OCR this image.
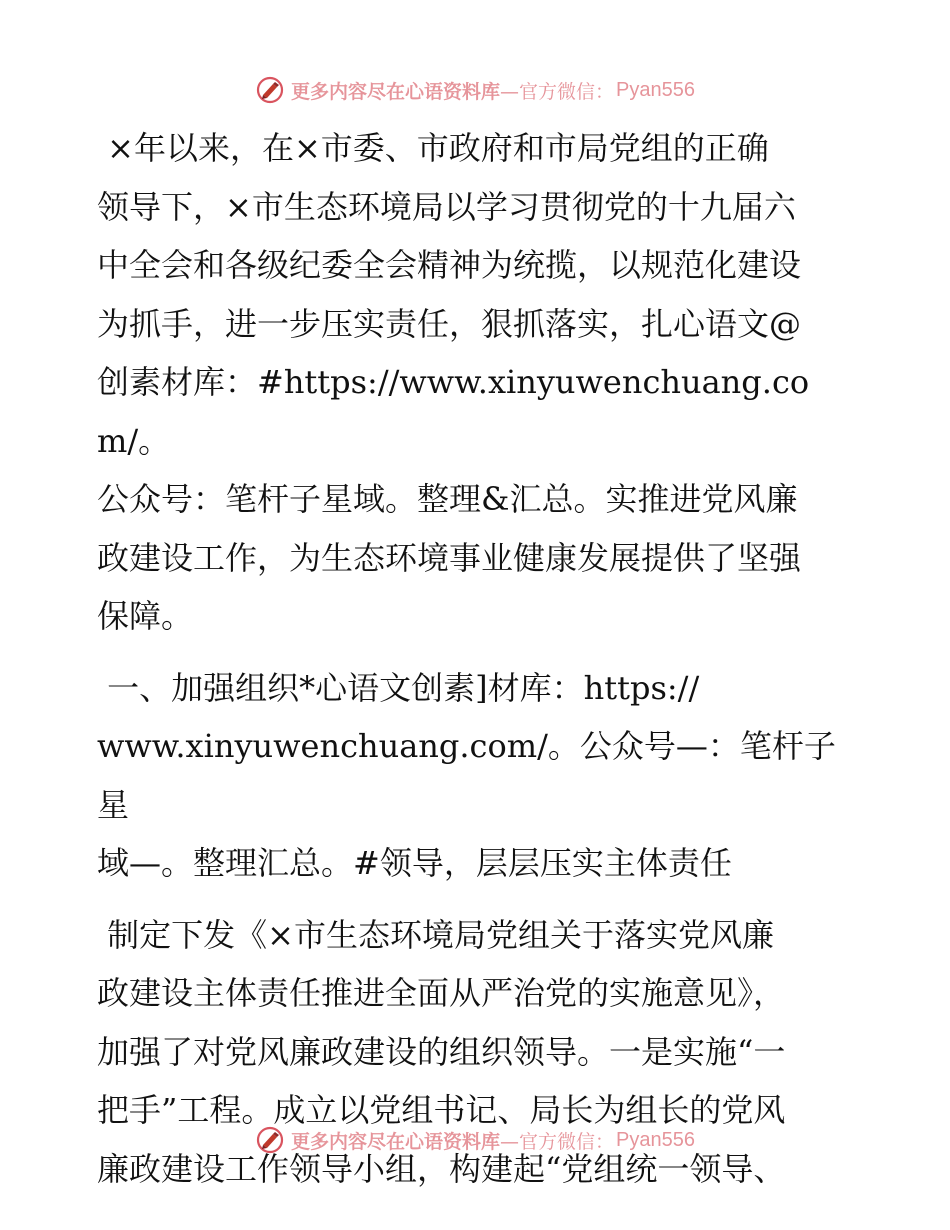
更多内容尽在心语资料库 —官方微信： Pyan556

×年以来，在×市委、市政府和市局党组的正确
领导下，×市生态环境局以学习贯彻党的十九届六
中全会和各级纪委全会精神为统揽，以规范化建设
为抓手，进一步压实责任，狠抓落实，扎心语文@
创素材库：#https://www.xinyuwenchuang.com/。
公众号：笔杆子星域。整理&汇总。实推进党风廉
政建设工作，为生态环境事业健康发展提供了坚强
保障。

一、加强组织*心语文创素]材库：https://
www.xinyuwenchuang.com/。公众号—：笔杆子星
域—。整理汇总。#领导，层层压实主体责任

制定下发《×市生态环境局党组关于落实党风廉
政建设主体责任推进全面从严治党的实施意见》，
加强了对党风廉政建设的组织领导。一是实施“一
把手”工程。成立以党组书记、局长为组长的党风
廉政建设工作领导小组，构建起“党组统一领导、

更多内容尽在心语资料库 —官方微信： Pyan556
